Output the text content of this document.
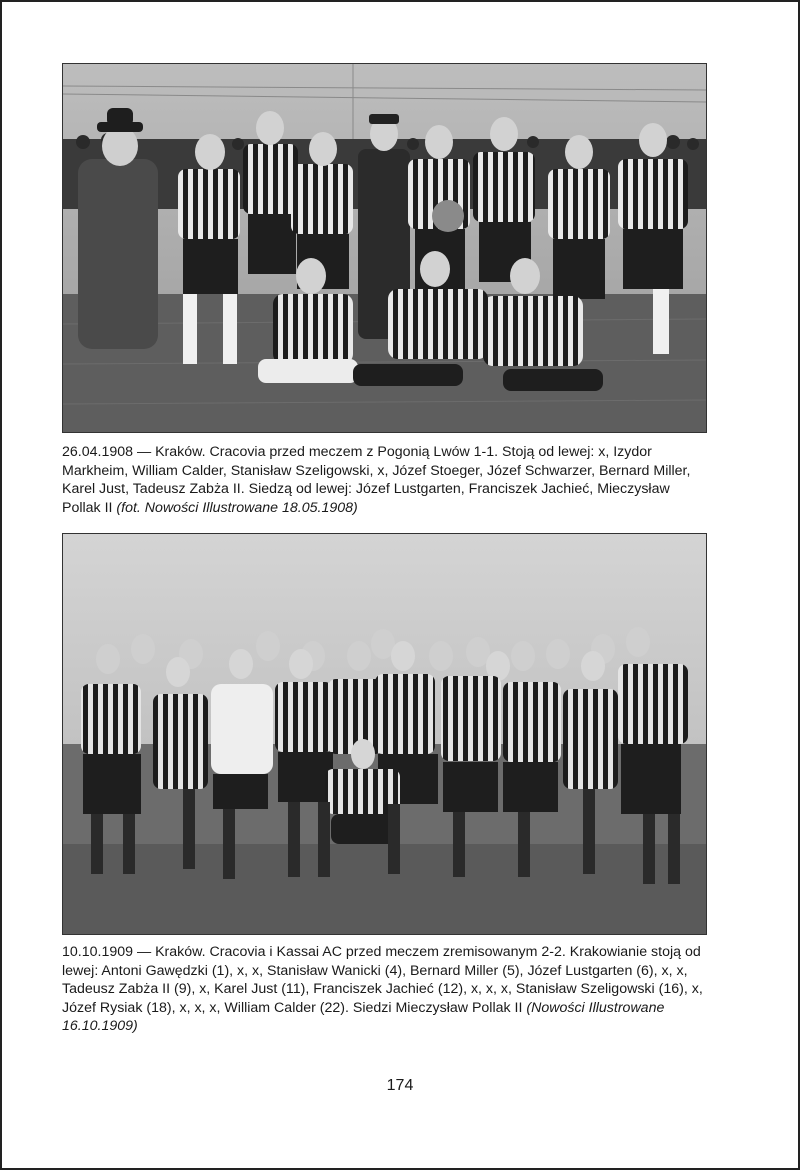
26.04.1908 — Kraków. Cracovia przed meczem z Pogonią Lwów 1-1. Stoją od lewej: x, Izydor Markheim, William Calder, Stanisław Szeligowski, x, Józef Stoeger, Józef Schwarzer, Bernard Miller, Karel Just, Tadeusz Zabża II. Siedzą od lewej: Józef Lustgarten, Franciszek Jachieć, Mieczysław Pollak II (fot. Nowości Illustrowane 18.05.1908)
10.10.1909 — Kraków. Cracovia i Kassai AC przed meczem zremisowanym 2-2. Krakowianie stoją od lewej: Antoni Gawędzki (1), x, x, Stanisław Wanicki (4), Bernard Miller (5), Józef Lustgarten (6), x, x, Tadeusz Zabża II (9), x, Karel Just (11), Franciszek Jachieć (12), x, x, x, Stanisław Szeligowski (16), x, Józef Rysiak (18), x, x, x, William Calder (22). Siedzi Mieczysław Pollak II (Nowości Illustrowane 16.10.1909)
174
